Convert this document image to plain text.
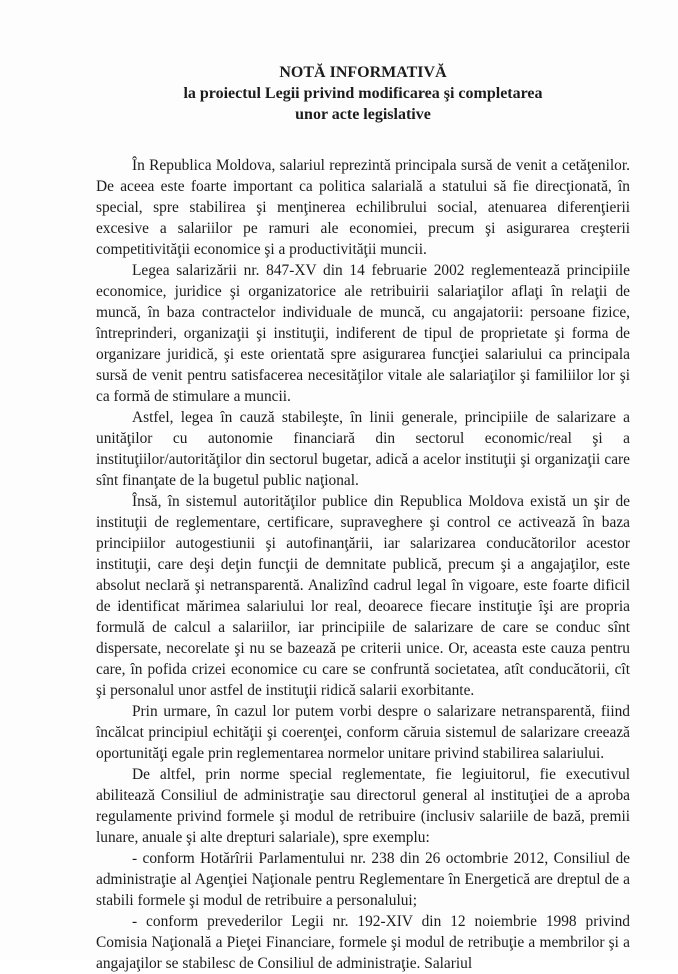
NOTĂ INFORMATIVĂ
la proiectul Legii privind modificarea şi completarea
unor acte legislative

În Republica Moldova, salariul reprezintă principala sursă de venit a cetăţenilor. De aceea este foarte important ca politica salarială a statului să fie direcţionată, în special, spre stabilirea şi menţinerea echilibrului social, atenuarea diferenţierii excesive a salariilor pe ramuri ale economiei, precum şi asigurarea creşterii competitivităţii economice şi a productivităţii muncii.

Legea salarizării nr. 847-XV din 14 februarie 2002 reglementează principiile economice, juridice şi organizatorice ale retribuirii salariaţilor aflaţi în relaţii de muncă, în baza contractelor individuale de muncă, cu angajatorii: persoane fizice, întreprinderi, organizaţii şi instituţii, indiferent de tipul de proprietate şi forma de organizare juridică, şi este orientată spre asigurarea funcţiei salariului ca principala sursă de venit pentru satisfacerea necesităţilor vitale ale salariaţilor şi familiilor lor şi ca formă de stimulare a muncii.

Astfel, legea în cauză stabileşte, în linii generale, principiile de salarizare a unităţilor cu autonomie financiară din sectorul economic/real şi a instituţiilor/autorităţilor din sectorul bugetar, adică a acelor instituţii şi organizaţii care sînt finanţate de la bugetul public naţional.

Însă, în sistemul autorităţilor publice din Republica Moldova există un şir de instituţii de reglementare, certificare, supraveghere şi control ce activează în baza principiilor autogestiunii şi autofinanţării, iar salarizarea conducătorilor acestor instituţii, care deşi deţin funcţii de demnitate publică, precum şi a angajaţilor, este absolut neclară şi netransparentă. Analizînd cadrul legal în vigoare, este foarte dificil de identificat mărimea salariului lor real, deoarece fiecare instituţie îşi are propria formulă de calcul a salariilor, iar principiile de salarizare de care se conduc sînt dispersate, necorelate şi nu se bazează pe criterii unice. Or, aceasta este cauza pentru care, în pofida crizei economice cu care se confruntă societatea, atît conducătorii, cît şi personalul unor astfel de instituţii ridică salarii exorbitante.

Prin urmare, în cazul lor putem vorbi despre o salarizare netransparentă, fiind încălcat principiul echităţii şi coerenţei, conform căruia sistemul de salarizare creează oportunităţi egale prin reglementarea normelor unitare privind stabilirea salariului.

De altfel, prin norme special reglementate, fie legiuitorul, fie executivul abilitează Consiliul de administraţie sau directorul general al instituţiei de a aproba regulamente privind formele şi modul de retribuire (inclusiv salariile de bază, premii lunare, anuale şi alte drepturi salariale), spre exemplu:

- conform Hotărîrii Parlamentului nr. 238 din 26 octombrie 2012, Consiliul de administraţie al Agenţiei Naţionale pentru Reglementare în Energetică are dreptul de a stabili formele şi modul de retribuire a personalului;

- conform prevederilor Legii nr. 192-XIV din 12 noiembrie 1998 privind Comisia Naţională a Pieţei Financiare, formele şi modul de retribuţie a membrilor şi a angajaţilor se stabilesc de Consiliul de administraţie. Salariul
